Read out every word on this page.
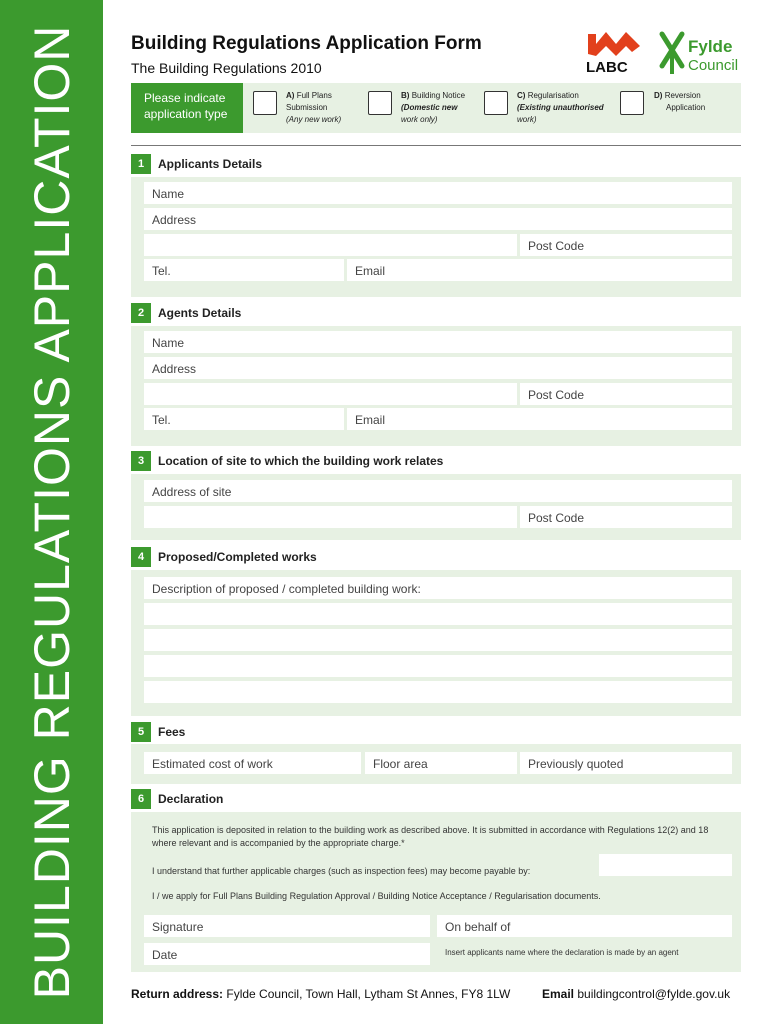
BUILDING REGULATIONS APPLICATION	Building Regulations Application Form
The Building Regulations 2010	LABC
Fylde
Council
Please indicate application type
A) Full Plans
Submission
(Any new work)
B) Building Notice
(Domestic new
work only)
C) Regularisation
(Existing unauthorised
work)
D) Reversion
Application
1	Applicants Details
Name
Address
Post Code
Tel.	Email
2	Agents Details
Name
Address
Post Code
Tel.	Email
3	Location of site to which the building work relates
Address of site
Post Code
4	Proposed/Completed works
Description of proposed / completed building work:
5	Fees
Estimated cost of work	Floor area	Previously quoted
6	Declaration
This application is deposited in relation to the building work as described above. It is submitted in accordance with Regulations 12(2) and 18 where relevant and is accompanied by the appropriate charge.*
I understand that further applicable charges (such as inspection fees) may become payable by:
I / we apply for Full Plans Building Regulation Approval / Building Notice Acceptance / Regularisation documents.
Signature	On behalf of
Date	Insert applicants name where the declaration is made by an agent
Return address: Fylde Council, Town Hall, Lytham St Annes, FY8 1LW	Email buildingcontrol@fylde.gov.uk
